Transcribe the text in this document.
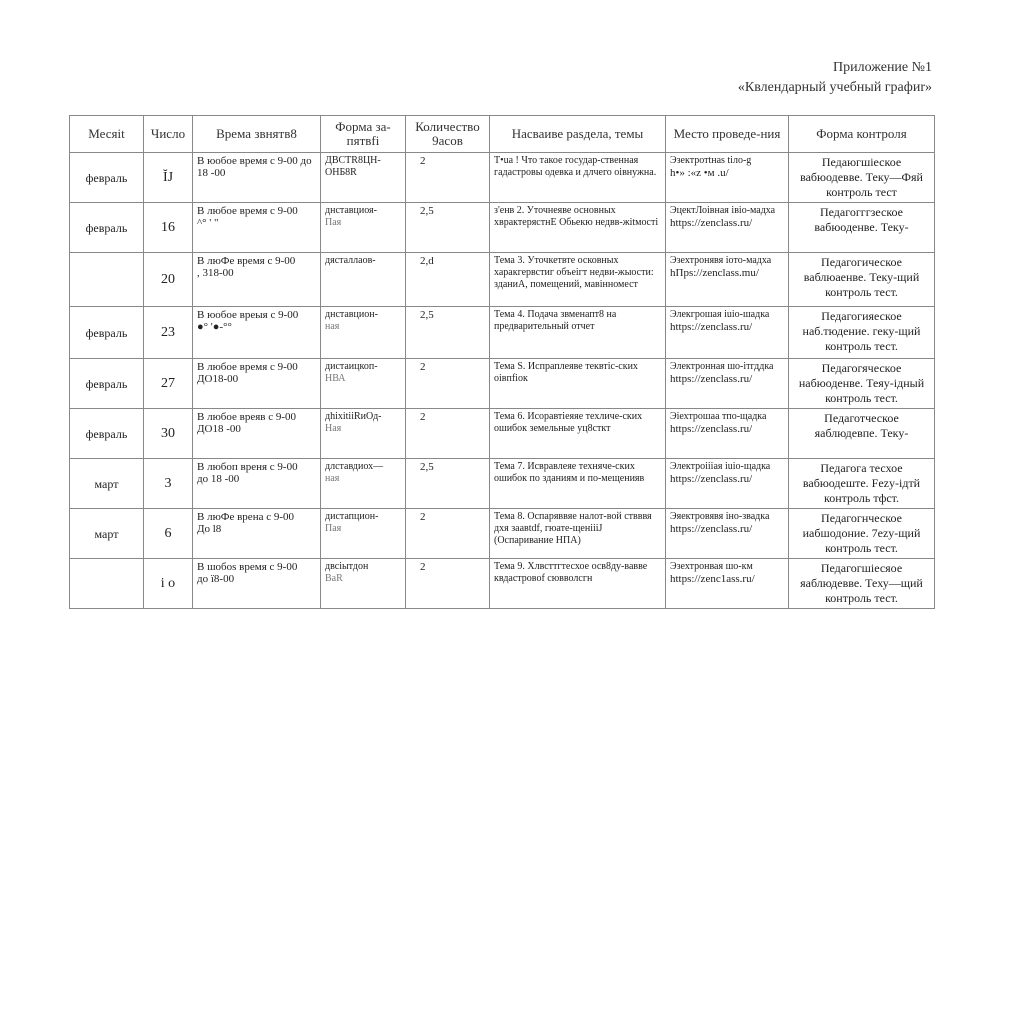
Приложение №1
«Квлендарный учебный графиr»
Месяit	Число	Времa звнятв8	Форма за-пятвfi	Количество 9асов	Насваиве раsдела, темы	Место проведе-ния	Форма контроля
февраль	ĬJ	В юобое время с 9-00 до 18 -00	ДВСТR8ЦН-ОНБ8R	2	Т•ua ! Что такое госудаp-ственная гадастровы одевка и длчего оiвнужна.	Эзектротtнas tiло-g
h•» :«z •м .u/	Педаюгшiеское вабюодевве. Теку—Фяй контроль тест
февраль	16	В любое время с 9-00
^° ' "	днставциоя-
Пая	2,5	з'енв 2. Уточнеяве основных хврактерястнЕ Обьекю недвв-жitмoстi	ЭцектЛоiвная iвio-мадха
https://zenclass.ru/	Педагогггзеское вабюоденве. Теку-
	20	В люФе время с 9-00
, 318-00	дясталлаов-	2,d	Тема 3. Уточкетвте осковных харакгервстиг объеiгт недви-жыости: зданиA, помещений, мавiнномест	Эзехтронявя ioто-мадха
hПps://zenclass.mu/	Педагогическое ваблюаенве. Теку-щий контроль тест.
февраль	23	В юобое вреыя с 9-00
●° '●-°°	днставцион-
ная	2,5	Тема 4. Подача звменапт8 на предварительный отчет	Элекгрошая iuio-шадка
https://zenclass.ru/	Педагогияеское наб.тюдение. геку-щий контроль тест.
февраль	27	В любое время с 9-00
ДО18-00	дистаицкоп-
НВА	2	Тема S. Испраплеяве теквтiс-ских оiвпfiок	Электронная шо-iтгддка
https://zenclass.ru/	Педагогяческое набюоденве. Теяу-iдный контроль тест.
февраль	30	В любое вреяв с 9-00
ДО18 -00	дhixitiiRиОд-
Hая	2	Тема 6. Исоравтiеяяе техличе-ских ошибок земельные уц8сткт	Эiехтрошаа тпо-щадка
https://zenclass.ru/	Педаготческое яаблюдевпе. Теку-
март	3	В любоп вреня с 9-00
до 18 -00	длставдиох—
ная	2,5	Тема 7. Исвравлеяе техняче-ских ошибок по зданиям и по-мещенияв	Электроiiiая iuio-щадка
https://zenclass.ru/	Педагога тесхое вабюодеште. Fezy-iдтй контроль тфст.
март	6	В люФе врена с 9-00
До l8	дистапцион-
Пая	2	Тема 8. Оспаряввяе налот-вой ствввя дхя заавtdf, гюате-щенiiiJ (Оспаривание НПА)	Эяектровявя iнo-звадка
https://zenclass.ru/	Педагогнческое иабшодоние. 7ezy-щий контроль тест.
	i o	В шобоs время с 9-00
до ї8-00	двсiытдон
BaR	2	Тема 9. Хлвсттгтесхое осв8ду-вавве квдастровоf сювволсгн	Эзехтронвая шо-км
https://zenc1ass.ru/	Педагогшiесяое яаблюдевве. Теху—щий контроль тест.
